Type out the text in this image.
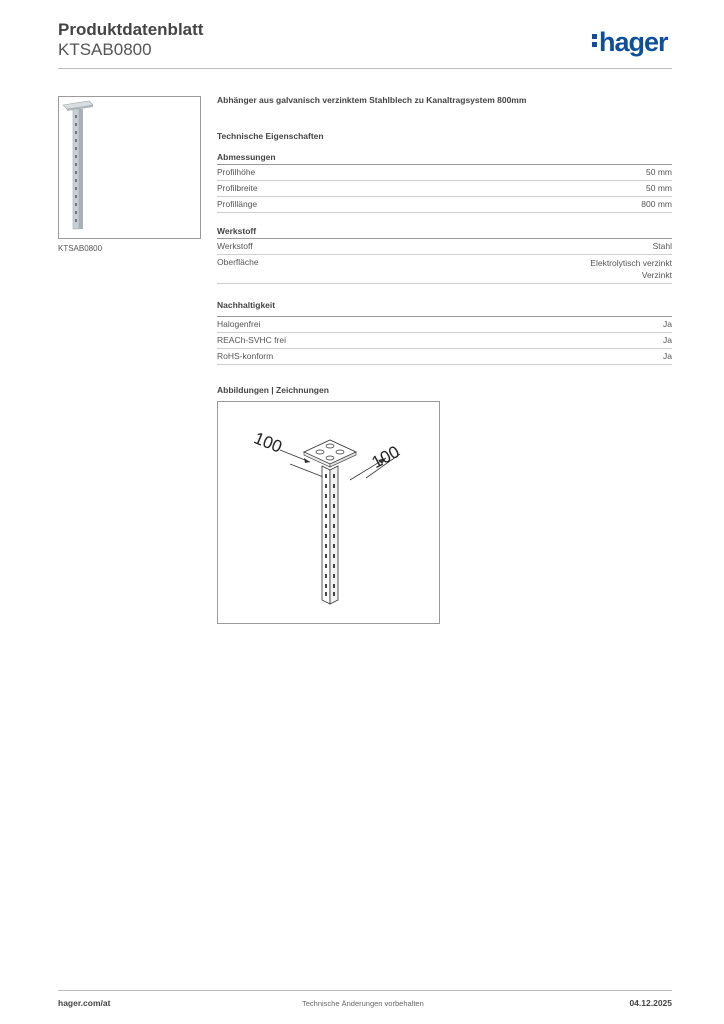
Produktdatenblatt
KTSAB0800	hager
KTSAB0800
Abhänger aus galvanisch verzinktem Stahlblech zu Kanaltragsystem 800mm
Technische Eigenschaften
Abmessungen
Profilhöhe	50 mm
Profilbreite	50 mm
Profillänge	800 mm
Werkstoff
Werkstoff	Stahl
Oberfläche	Elektrolytisch verzinkt
Verzinkt
Nachhaltigkeit
Halogenfrei	Ja
REACh-SVHC frei	Ja
RoHS-konform	Ja
Abbildungen | Zeichnungen
100	100
hager.com/at	Technische Änderungen vorbehalten	04.12.2025
